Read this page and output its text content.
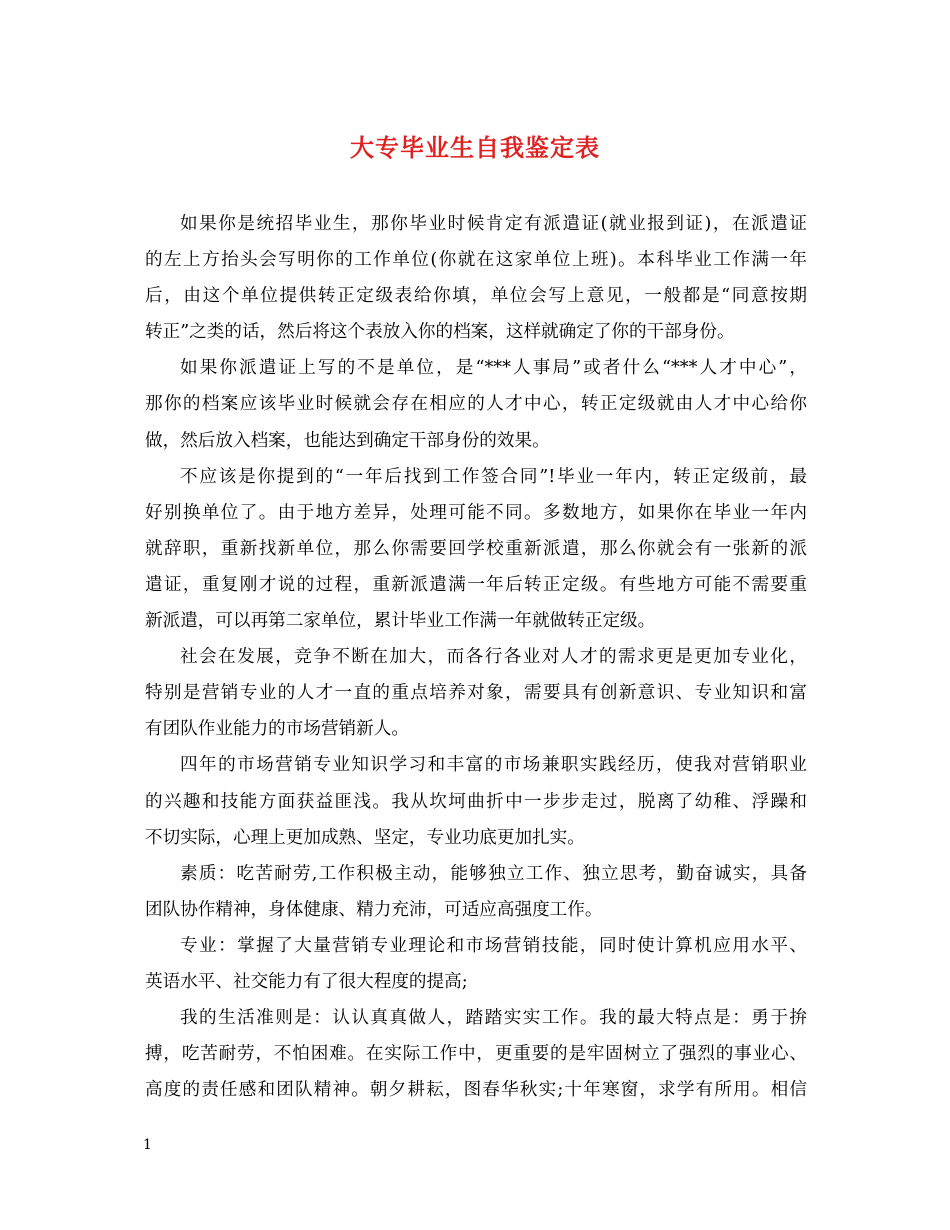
大专毕业生自我鉴定表
如果你是统招毕业生，那你毕业时候肯定有派遣证(就业报到证)，在派遣证
的左上方抬头会写明你的工作单位(你就在这家单位上班)。本科毕业工作满一年
后，由这个单位提供转正定级表给你填，单位会写上意见，一般都是“同意按期
转正”之类的话，然后将这个表放入你的档案，这样就确定了你的干部身份。
如果你派遣证上写的不是单位，是“***人事局”或者什么“***人才中心”，
那你的档案应该毕业时候就会存在相应的人才中心，转正定级就由人才中心给你
做，然后放入档案，也能达到确定干部身份的效果。
不应该是你提到的“一年后找到工作签合同”!毕业一年内，转正定级前，最
好别换单位了。由于地方差异，处理可能不同。多数地方，如果你在毕业一年内
就辞职，重新找新单位，那么你需要回学校重新派遣，那么你就会有一张新的派
遣证，重复刚才说的过程，重新派遣满一年后转正定级。有些地方可能不需要重
新派遣，可以再第二家单位，累计毕业工作满一年就做转正定级。
社会在发展，竞争不断在加大，而各行各业对人才的需求更是更加专业化，
特别是营销专业的人才一直的重点培养对象，需要具有创新意识、专业知识和富
有团队作业能力的市场营销新人。
四年的市场营销专业知识学习和丰富的市场兼职实践经历，使我对营销职业
的兴趣和技能方面获益匪浅。我从坎坷曲折中一步步走过，脱离了幼稚、浮躁和
不切实际，心理上更加成熟、坚定，专业功底更加扎实。
素质：吃苦耐劳,工作积极主动，能够独立工作、独立思考，勤奋诚实，具备
团队协作精神，身体健康、精力充沛，可适应高强度工作。
专业：掌握了大量营销专业理论和市场营销技能，同时使计算机应用水平、
英语水平、社交能力有了很大程度的提高;
我的生活准则是：认认真真做人，踏踏实实工作。我的最大特点是：勇于拚
搏，吃苦耐劳，不怕困难。在实际工作中，更重要的是牢固树立了强烈的事业心、
高度的责任感和团队精神。朝夕耕耘，图春华秋实;十年寒窗，求学有所用。相信
1
